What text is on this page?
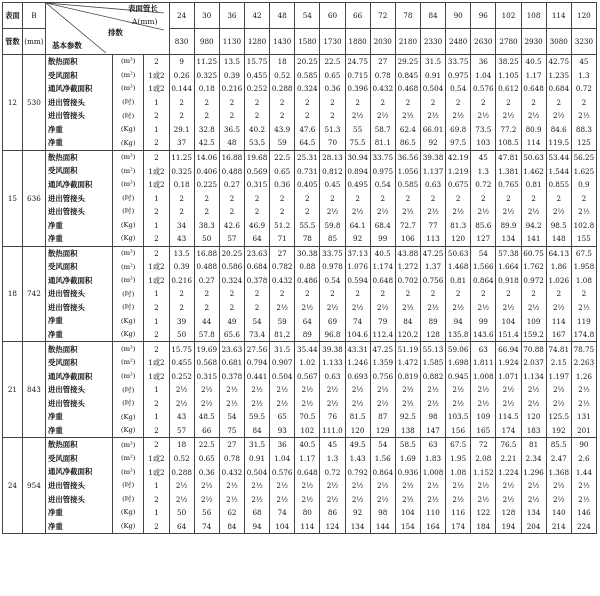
表面	B	表面管长
A(mm)
排数
基本参数			24	30	36	42	48	54	60	66	72	78	84	90	96	102	108	114	120
管数	(mm)				830	980	1130	1280	1430	1580	1730	1880	2030	2180	2330	2480	2630	2780	2930	3080	3230
12	530	散热面积	(m²)	2	9	11.25	13.5	15.75	18	20.25	22.5	24.75	27	29.25	31.5	33.75	36	38.25	40.5	42.75	45
		受风面积	(m²)	1或2	0.26	0.325	0.39	0.455	0.52	0.585	0.65	0.715	0.78	0.845	0.91	0.975	1.04	1.105	1.17	1.235	1.3
		通风净截面积	(m²)	1或2	0.144	0.18	0.216	0.252	0.288	0.324	0.36	0.396	0.432	0.468	0.504	0.54	0.576	0.612	0.648	0.684	0.72
		进出管接头	(吋)	1	2	2	2	2	2	2	2	2	2	2	2	2	2	2	2	2	2
		进出管接头	(吋)	2	2	2	2	2	2	2	2	2½	2½	2½	2½	2½	2½	2½	2½	2½	2½
		净重	(Kg)	1	29.1	32.8	36.5	40.2	43.9	47.6	51.3	55	58.7	62.4	66.01	69.8	73.5	77.2	80.9	84.6	88.3
		净重	(Kg)	2	37	42.5	48	53.5	59	64.5	70	75.5	81.1	86.5	92	97.5	103	108.5	114	119.5	125
15	636	散热面积	(m²)	2	11.25	14.06	16.88	19.68	22.5	25.31	28.13	30.94	33.75	36.56	39.38	42.19	45	47.81	50.63	53.44	56.25
		受风面积	(m²)	1或2	0.325	0.406	0.488	0.569	0.65	0.731	0.812	0.894	0.975	1.056	1.137	1.219	1.3	1.381	1.462	1.544	1.625
		通风净截面积	(m²)	1或2	0.18	0.225	0.27	0.315	0.36	0.405	0.45	0.495	0.54	0.585	0.63	0.675	0.72	0.765	0.81	0.855	0.9
		进出管接头	(吋)	1	2	2	2	2	2	2	2	2	2	2	2	2	2	2	2	2	2
		进出管接头	(吋)	2	2	2	2	2	2	2	2½	2½	2½	2½	2½	2½	2½	2½	2½	2½	2½
		净重	(Kg)	1	34	38.3	42.6	46.9	51.2	55.5	59.8	64.1	68.4	72.7	77	81.3	85.6	89.9	94.2	98.5	102.8
		净重	(Kg)	2	43	50	57	64	71	78	85	92	99	106	113	120	127	134	141	148	155
18	742	散热面积	(m²)	2	13.5	16.88	20.25	23.63	27	30.38	33.75	37.13	40.5	43.88	47.25	50.63	54	57.38	60.75	64.13	67.5
		受风面积	(m²)	1或2	0.39	0.488	0.586	0.684	0.782	0.88	0.978	1.076	1.174	1.272	1.37	1.468	1.566	1.664	1.762	1.86	1.958
		通风净截面积	(m²)	1或2	0.216	0.27	0.324	0.378	0.432	0.486	0.54	0.594	0.648	0.702	0.756	0.81	0.864	0.918	0.972	1.026	1.08
		进出管接头	(吋)	1	2	2	2	2	2	2	2	2	2	2	2	2	2	2	2	2	2
		进出管接头	(吋)	2	2	2	2	2	2½	2½	2½	2½	2½	2½	2½	2½	2½	2½	2½	2½	2½
		净重	(Kg)	1	39	44	49	54	59	64	69	74	79	84	89	94	99	104	109	114	119
		净重	(Kg)	2	50	57.8	65.6	73.4	81.2	89	96.8	104.6	112.4	120.2	128	135.8	143.6	151.4	159.2	167	174.8
21	843	散热面积	(m²)	2	15.75	19.69	23.63	27.56	31.5	35.44	39.38	43.31	47.25	51.19	55.13	59.06	63	66.94	70.88	74.81	78.75
		受风面积	(m²)	1或2	0.455	0.568	0.681	0.794	0.907	1.02	1.133	1.246	1.359	1.472	1.585	1.698	1.811	1.924	2.037	2.15	2.263
		通风净截面积	(m²)	1或2	0.252	0.315	0.378	0.441	0.504	0.567	0.63	0.693	0.756	0.819	0.882	0.945	1.008	1.071	1.134	1.197	1.26
		进出管接头	(吋)	1	2½	2½	2½	2½	2½	2½	2½	2½	2½	2½	2½	2½	2½	2½	2½	2½	2½
		进出管接头	(吋)	2	2½	2½	2½	2½	2½	2½	2½	2½	2½	2½	2½	2½	2½	2½	2½	2½	2½
		净重	(Kg)	1	43	48.5	54	59.5	65	70.5	76	81.5	87	92.5	98	103.5	109	114.5	120	125.5	131
		净重	(Kg)	2	57	66	75	84	93	102	111.0	120	129	138	147	156	165	174	183	192	201
24	954	散热面积	(m²)	2	18	22.5	27	31.5	36	40.5	45	49.5	54	58.5	63	67.5	72	76.5	81	85.5	90
		受风面积	(m²)	1或2	0.52	0.65	0.78	0.91	1.04	1.17	1.3	1.43	1.56	1.69	1.83	1.95	2.08	2.21	2.34	2.47	2.6
		通风净截面积	(m²)	1或2	0.288	0.36	0.432	0.504	0.576	0.648	0.72	0.792	0.864	0.936	1.008	1.08	1.152	1.224	1.296	1.368	1.44
		进出管接头	(吋)	1	2½	2½	2½	2½	2½	2½	2½	2½	2½	2½	2½	2½	2½	2½	2½	2½	2½
		进出管接头	(吋)	2	2½	2½	2½	2½	2½	2½	2½	2½	2½	2½	2½	2½	2½	2½	2½	2½	2½
		净重	(Kg)	1	50	56	62	68	74	80	86	92	98	104	110	116	122	128	134	140	146
		净重	(Kg)	2	64	74	84	94	104	114	124	134	144	154	164	174	184	194	204	214	224
